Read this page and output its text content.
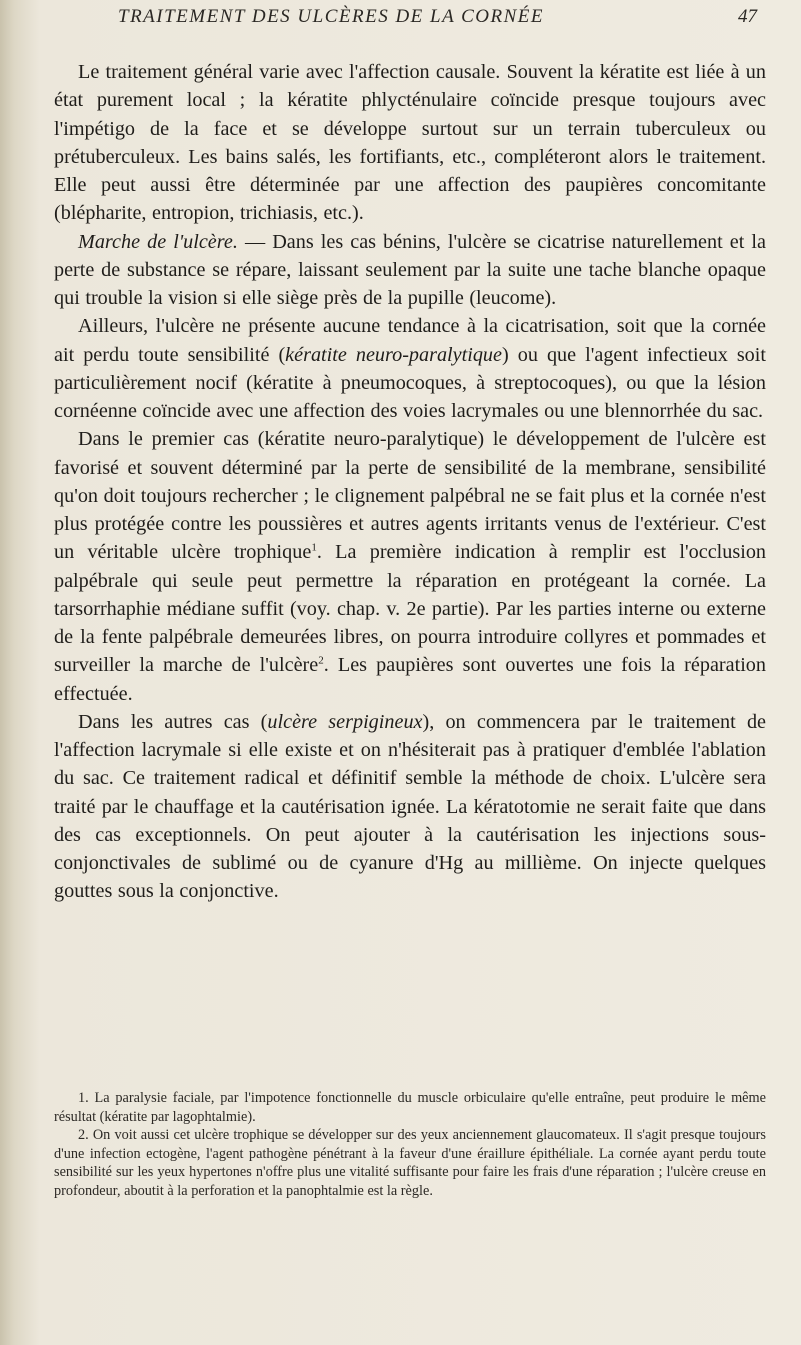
TRAITEMENT DES ULCÈRES DE LA CORNÉE	47

Le traitement général varie avec l'affection causale. Souvent la kératite est liée à un état purement local ; la kératite phlycténulaire coïncide presque toujours avec l'impétigo de la face et se développe surtout sur un terrain tuberculeux ou prétuberculeux. Les bains salés, les fortifiants, etc., compléteront alors le traitement. Elle peut aussi être déterminée par une affection des paupières concomitante (blépharite, entropion, trichiasis, etc.).

Marche de l'ulcère. — Dans les cas bénins, l'ulcère se cicatrise naturellement et la perte de substance se répare, laissant seulement par la suite une tache blanche opaque qui trouble la vision si elle siège près de la pupille (leucome).

Ailleurs, l'ulcère ne présente aucune tendance à la cicatrisation, soit que la cornée ait perdu toute sensibilité (kératite neuro-paralytique) ou que l'agent infectieux soit particulièrement nocif (kératite à pneumocoques, à streptocoques), ou que la lésion cornéenne coïncide avec une affection des voies lacrymales ou une blennorrhée du sac.

Dans le premier cas (kératite neuro-paralytique) le développement de l'ulcère est favorisé et souvent déterminé par la perte de sensibilité de la membrane, sensibilité qu'on doit toujours rechercher ; le clignement palpébral ne se fait plus et la cornée n'est plus protégée contre les poussières et autres agents irritants venus de l'extérieur. C'est un véritable ulcère trophique$^1$. La première indication à remplir est l'occlusion palpébrale qui seule peut permettre la réparation en protégeant la cornée. La tarsorrhaphie médiane suffit (voy. chap. v. 2e partie). Par les parties interne ou externe de la fente palpébrale demeurées libres, on pourra introduire collyres et pommades et surveiller la marche de l'ulcère$^2$. Les paupières sont ouvertes une fois la réparation effectuée.

Dans les autres cas (ulcère serpigineux), on commencera par le traitement de l'affection lacrymale si elle existe et on n'hésiterait pas à pratiquer d'emblée l'ablation du sac. Ce traitement radical et définitif semble la méthode de choix. L'ulcère sera traité par le chauffage et la cautérisation ignée. La kératotomie ne serait faite que dans des cas exceptionnels. On peut ajouter à la cautérisation les injections sous-conjonctivales de sublimé ou de cyanure d'Hg au millième. On injecte quelques gouttes sous la conjonctive.

1. La paralysie faciale, par l'impotence fonctionnelle du muscle orbiculaire qu'elle entraîne, peut produire le même résultat (kératite par lagophtalmie).

2. On voit aussi cet ulcère trophique se développer sur des yeux anciennement glaucomateux. Il s'agit presque toujours d'une infection ectogène, l'agent pathogène pénétrant à la faveur d'une éraillure épithéliale. La cornée ayant perdu toute sensibilité sur les yeux hypertones n'offre plus une vitalité suffisante pour faire les frais d'une réparation ; l'ulcère creuse en profondeur, aboutit à la perforation et la panophtalmie est la règle.
